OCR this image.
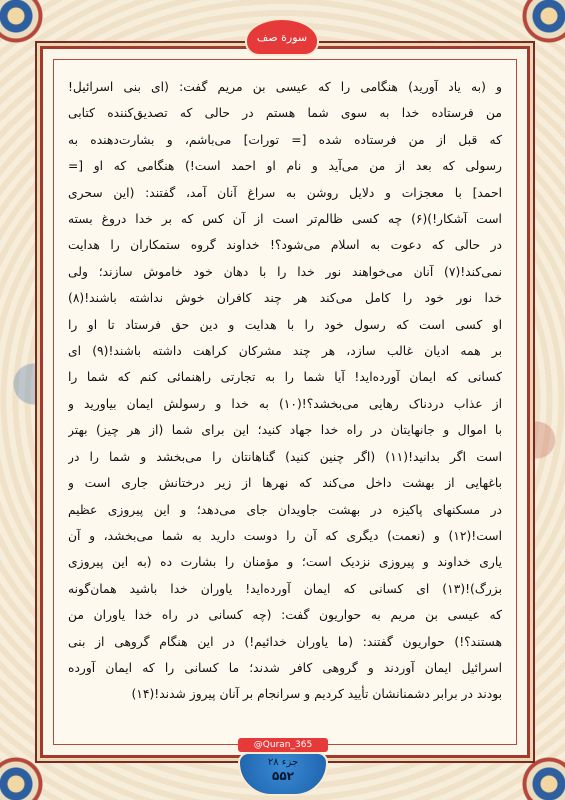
و (به یاد آورید) هنگامی را که عیسی بن مریم گفت: (ای بنی اسرائیل!
من فرستاده خدا به سوی شما هستم در حالی که تصدیق‌کننده کتابی
که قبل از من فرستاده شده [= تورات] می‌باشم، و بشارت‌دهنده به
رسولی که بعد از من می‌آید و نام او احمد است!) هنگامی که او [=
احمد] با معجزات و دلایل روشن به سراغ آنان آمد، گفتند: (این سحری
است آشکار!)(۶) چه کسی ظالم‌تر است از آن کس که بر خدا دروغ بسته
در حالی که دعوت به اسلام می‌شود؟! خداوند گروه ستمکاران را هدایت
نمی‌کند!(۷) آنان می‌خواهند نور خدا را با دهان خود خاموش سازند؛ ولی
خدا نور خود را کامل می‌کند هر چند کافران خوش نداشته باشند!(۸)
او کسی است که رسول خود را با هدایت و دین حق فرستاد تا او را
بر همه ادیان غالب سازد، هر چند مشرکان کراهت داشته باشند!(۹) ای
کسانی که ایمان آورده‌اید! آیا شما را به تجارتی راهنمائی کنم که شما را
از عذاب دردناک رهایی می‌بخشد؟!(۱۰) به خدا و رسولش ایمان بیاورید و
با اموال و جانهایتان در راه خدا جهاد کنید؛ این برای شما (از هر چیز) بهتر
است اگر بدانید!(۱۱) (اگر چنین کنید) گناهانتان را می‌بخشد و شما را در
باغهایی از بهشت داخل می‌کند که نهرها از زیر درختانش جاری است و
در مسکنهای پاکیزه در بهشت جاویدان جای می‌دهد؛ و این پیروزی عظیم
است!(۱۲) و (نعمت) دیگری که آن را دوست دارید به شما می‌بخشد، و آن
یاری خداوند و پیروزی نزدیک است؛ و مؤمنان را بشارت ده (به این پیروزی
بزرگ)!(۱۳) ای کسانی که ایمان آورده‌اید! یاوران خدا باشید همان‌گونه
که عیسی بن مریم به حواریون گفت: (چه کسانی در راه خدا یاوران من
هستند؟!) حواریون گفتند: (ما یاوران خدائیم!) در این هنگام گروهی از بنی
اسرائیل ایمان آوردند و گروهی کافر شدند؛ ما کسانی را که ایمان آورده
بودند در برابر دشمنانشان تأیید کردیم و سرانجام بر آنان پیروز شدند!(۱۴)
سورة صف
@Quran_365
جزء ۲۸
۵۵۲
